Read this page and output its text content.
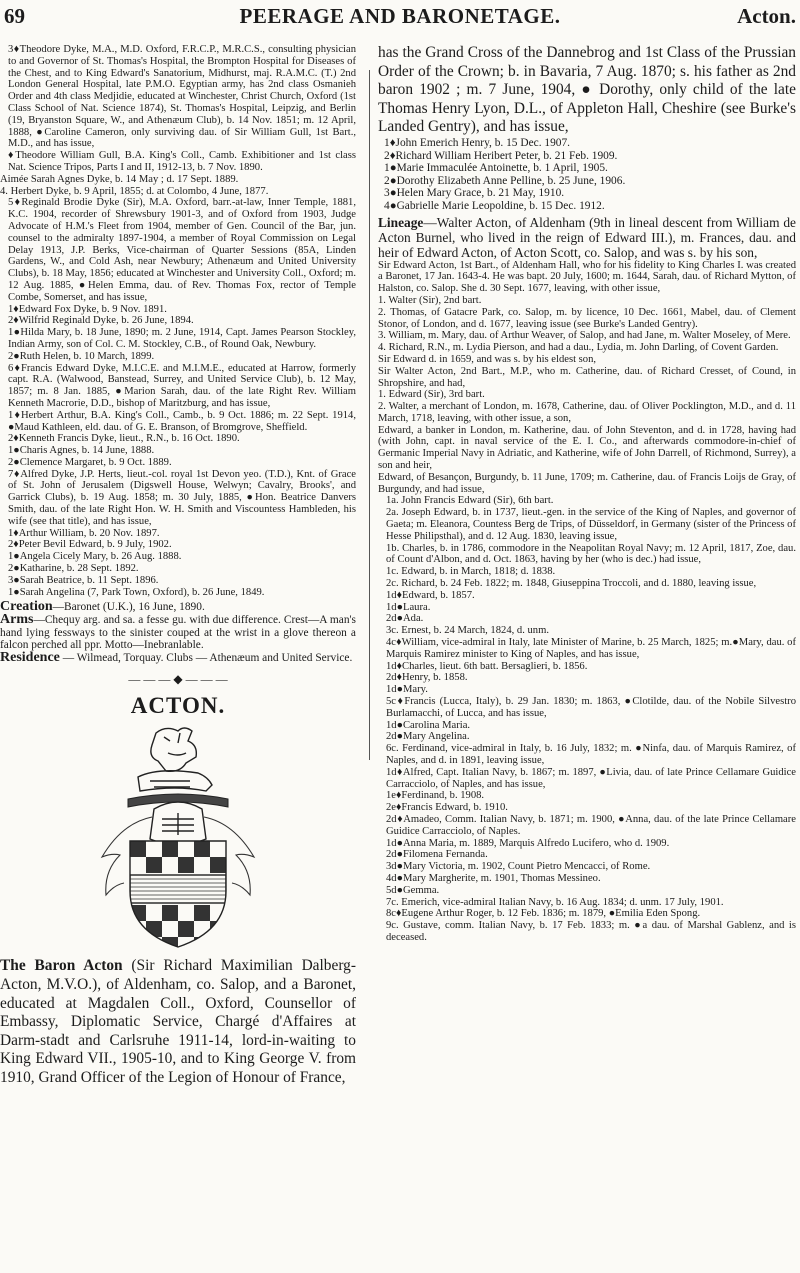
69	PEERAGE AND BARONETAGE.	Acton.

3♦Theodore Dyke, M.A., M.D. Oxford, F.R.C.P., M.R.C.S., consulting physician to and Governor of St. Thomas's Hospital, the Brompton Hospital for Diseases of the Chest, and to King Edward's Sanatorium, Midhurst, maj. R.A.M.C. (T.) 2nd London General Hospital, late P.M.O. Egyptian army, has 2nd class Osmanieh Order and 4th class Medjidie, educated at Winchester, Christ Church, Oxford (1st Class School of Nat. Science 1874), St. Thomas's Hospital, Leipzig, and Berlin (19, Bryanston Square, W., and Athenæum Club), b. 14 Nov. 1851; m. 12 April, 1888, ●Caroline Cameron, only surviving dau. of Sir William Gull, 1st Bart., M.D., and has issue,

♦Theodore William Gull, B.A. King's Coll., Camb. Exhibitioner and 1st class Nat. Science Tripos, Parts I and II, 1912-13, b. 7 Nov. 1890.

Aimée Sarah Agnes Dyke, b. 14 May ; d. 17 Sept. 1889.

4. Herbert Dyke, b. 9 April, 1855; d. at Colombo, 4 June, 1877.

5♦Reginald Brodie Dyke (Sir), M.A. Oxford, barr.-at-law, Inner Temple, 1881, K.C. 1904, recorder of Shrewsbury 1901-3, and of Oxford from 1903, Judge Advocate of H.M.'s Fleet from 1904, member of Gen. Council of the Bar, jun. counsel to the admiralty 1897-1904, a member of Royal Commission on Legal Delay 1913, J.P. Berks, Vice-chairman of Quarter Sessions (85A, Linden Gardens, W., and Cold Ash, near Newbury; Athenæum and United University Clubs), b. 18 May, 1856; educated at Winchester and University Coll., Oxford; m. 12 Aug. 1885, ●Helen Emma, dau. of Rev. Thomas Fox, rector of Temple Combe, Somerset, and has issue,

1♦Edward Fox Dyke, b. 9 Nov. 1891.

2♦Wilfrid Reginald Dyke, b. 26 June, 1894.

1●Hilda Mary, b. 18 June, 1890; m. 2 June, 1914, Capt. James Pearson Stockley, Indian Army, son of Col. C. M. Stockley, C.B., of Round Oak, Newbury.

2●Ruth Helen, b. 10 March, 1899.

6♦Francis Edward Dyke, M.I.C.E. and M.I.M.E., educated at Harrow, formerly capt. R.A. (Walwood, Banstead, Surrey, and United Service Club), b. 12 May, 1857; m. 8 Jan. 1885, ●Marion Sarah, dau. of the late Right Rev. William Kenneth Macrorie, D.D., bishop of Maritzburg, and has issue,

1♦Herbert Arthur, B.A. King's Coll., Camb., b. 9 Oct. 1886; m. 22 Sept. 1914, ●Maud Kathleen, eld. dau. of G. E. Branson, of Bromgrove, Sheffield.

2♦Kenneth Francis Dyke, lieut., R.N., b. 16 Oct. 1890.

1●Charis Agnes, b. 14 June, 1888.

2●Clemence Margaret, b. 9 Oct. 1889.

7♦Alfred Dyke, J.P. Herts, lieut.-col. royal 1st Devon yeo. (T.D.), Knt. of Grace of St. John of Jerusalem (Digswell House, Welwyn; Cavalry, Brooks', and Garrick Clubs), b. 19 Aug. 1858; m. 30 July, 1885, ●Hon. Beatrice Danvers Smith, dau. of the late Right Hon. W. H. Smith and Viscountess Hambleden, his wife (see that title), and has issue,

1♦Arthur William, b. 20 Nov. 1897.

2♦Peter Bevil Edward, b. 9 July, 1902.

1●Angela Cicely Mary, b. 26 Aug. 1888.

2●Katharine, b. 28 Sept. 1892.

3●Sarah Beatrice, b. 11 Sept. 1896.

1●Sarah Angelina (7, Park Town, Oxford), b. 26 June, 1849.

Creation—Baronet (U.K.), 16 June, 1890.

Arms—Chequy arg. and sa. a fesse gu. with due difference. Crest—A man's hand lying fessways to the sinister couped at the wrist in a glove thereon a falcon perched all ppr. Motto—Inebranlable.

Residence — Wilmead, Torquay. Clubs — Athenæum and United Service.

— — — ◆ — — —
ACTON.

The Baron Acton (Sir Richard Maximilian Dalberg-Acton, M.V.O.), of Aldenham, co. Salop, and a Baronet, educated at Magdalen Coll., Oxford, Counsellor of Embassy, Diplomatic Service, Chargé d'Affaires at Darm-stadt and Carlsruhe 1911-14, lord-in-waiting to King Edward VII., 1905-10, and to King George V. from 1910, Grand Officer of the Legion of Honour of France,

has the Grand Cross of the Dannebrog and 1st Class of the Prussian Order of the Crown; b. in Bavaria, 7 Aug. 1870; s. his father as 2nd baron 1902 ; m. 7 June, 1904, ● Dorothy, only child of the late Thomas Henry Lyon, D.L., of Appleton Hall, Cheshire (see Burke's Landed Gentry), and has issue,

1♦John Emerich Henry, b. 15 Dec. 1907.

2♦Richard William Heribert Peter, b. 21 Feb. 1909.

1●Marie Immaculée Antoinette, b. 1 April, 1905.

2●Dorothy Elizabeth Anne Pelline, b. 25 June, 1906.

3●Helen Mary Grace, b. 21 May, 1910.

4●Gabrielle Marie Leopoldine, b. 15 Dec. 1912.

Lineage—Walter Acton, of Aldenham (9th in lineal descent from William de Acton Burnel, who lived in the reign of Edward III.), m. Frances, dau. and heir of Edward Acton, of Acton Scott, co. Salop, and was s. by his son,

Sir Edward Acton, 1st Bart., of Aldenham Hall, who for his fidelity to King Charles I. was created a Baronet, 17 Jan. 1643-4. He was bapt. 20 July, 1600; m. 1644, Sarah, dau. of Richard Mytton, of Halston, co. Salop. She d. 30 Sept. 1677, leaving, with other issue,

1. Walter (Sir), 2nd bart.

2. Thomas, of Gatacre Park, co. Salop, m. by licence, 10 Dec. 1661, Mabel, dau. of Clement Stonor, of London, and d. 1677, leaving issue (see Burke's Landed Gentry).

3. William, m. Mary, dau. of Arthur Weaver, of Salop, and had Jane, m. Walter Moseley, of Mere.

4. Richard, R.N., m. Lydia Pierson, and had a dau., Lydia, m. John Darling, of Covent Garden.

Sir Edward d. in 1659, and was s. by his eldest son,

Sir Walter Acton, 2nd Bart., M.P., who m. Catherine, dau. of Richard Cresset, of Cound, in Shropshire, and had,

1. Edward (Sir), 3rd bart.

2. Walter, a merchant of London, m. 1678, Catherine, dau. of Oliver Pocklington, M.D., and d. 11 March, 1718, leaving, with other issue, a son,

Edward, a banker in London, m. Katherine, dau. of John Steventon, and d. in 1728, having had (with John, capt. in naval service of the E. I. Co., and afterwards commodore-in-chief of Germanic Imperial Navy in Adriatic, and Katherine, wife of John Darrell, of Richmond, Surrey), a son and heir,

Edward, of Besançon, Burgundy, b. 11 June, 1709; m. Catherine, dau. of Francis Loijs de Gray, of Burgundy, and had issue,

1a. John Francis Edward (Sir), 6th bart.

2a. Joseph Edward, b. in 1737, lieut.-gen. in the service of the King of Naples, and governor of Gaeta; m. Eleanora, Countess Berg de Trips, of Düsseldorf, in Germany (sister of the Princess of Hesse Philipsthal), and d. 12 Aug. 1830, leaving issue,

1b. Charles, b. in 1786, commodore in the Neapolitan Royal Navy; m. 12 April, 1817, Zoe, dau. of Count d'Albon, and d. Oct. 1863, having by her (who is dec.) had issue,

1c. Edward, b. in March, 1818; d. 1838.

2c. Richard, b. 24 Feb. 1822; m. 1848, Giuseppina Troccoli, and d. 1880, leaving issue,

1d♦Edward, b. 1857.

1d●Laura.

2d●Ada.

3c. Ernest, b. 24 March, 1824, d. unm.

4c♦William, vice-admiral in Italy, late Minister of Marine, b. 25 March, 1825; m.●Mary, dau. of Marquis Ramirez minister to King of Naples, and has issue,

1d♦Charles, lieut. 6th batt. Bersaglieri, b. 1856.

2d♦Henry, b. 1858.

1d●Mary.

5c♦Francis (Lucca, Italy), b. 29 Jan. 1830; m. 1863, ●Clotilde, dau. of the Nobile Silvestro Burlamacchi, of Lucca, and has issue,

1d●Carolina Maria.

2d●Mary Angelina.

6c. Ferdinand, vice-admiral in Italy, b. 16 July, 1832; m. ●Ninfa, dau. of Marquis Ramirez, of Naples, and d. in 1891, leaving issue,

1d♦Alfred, Capt. Italian Navy, b. 1867; m. 1897, ●Livia, dau. of late Prince Cellamare Guidice Carracciolo, of Naples, and has issue,

1e♦Ferdinand, b. 1908.

2e♦Francis Edward, b. 1910.

2d♦Amadeo, Comm. Italian Navy, b. 1871; m. 1900, ●Anna, dau. of the late Prince Cellamare Guidice Carracciolo, of Naples.

1d●Anna Maria, m. 1889, Marquis Alfredo Lucifero, who d. 1909.

2d●Filomena Fernanda.

3d●Mary Victoria, m. 1902, Count Pietro Mencacci, of Rome.

4d●Mary Margherite, m. 1901, Thomas Messineo.

5d●Gemma.

7c. Emerich, vice-admiral Italian Navy, b. 16 Aug. 1834; d. unm. 17 July, 1901.

8c♦Eugene Arthur Roger, b. 12 Feb. 1836; m. 1879, ●Emilia Eden Spong.

9c. Gustave, comm. Italian Navy, b. 17 Feb. 1833; m. ●a dau. of Marshal Gablenz, and is deceased.
